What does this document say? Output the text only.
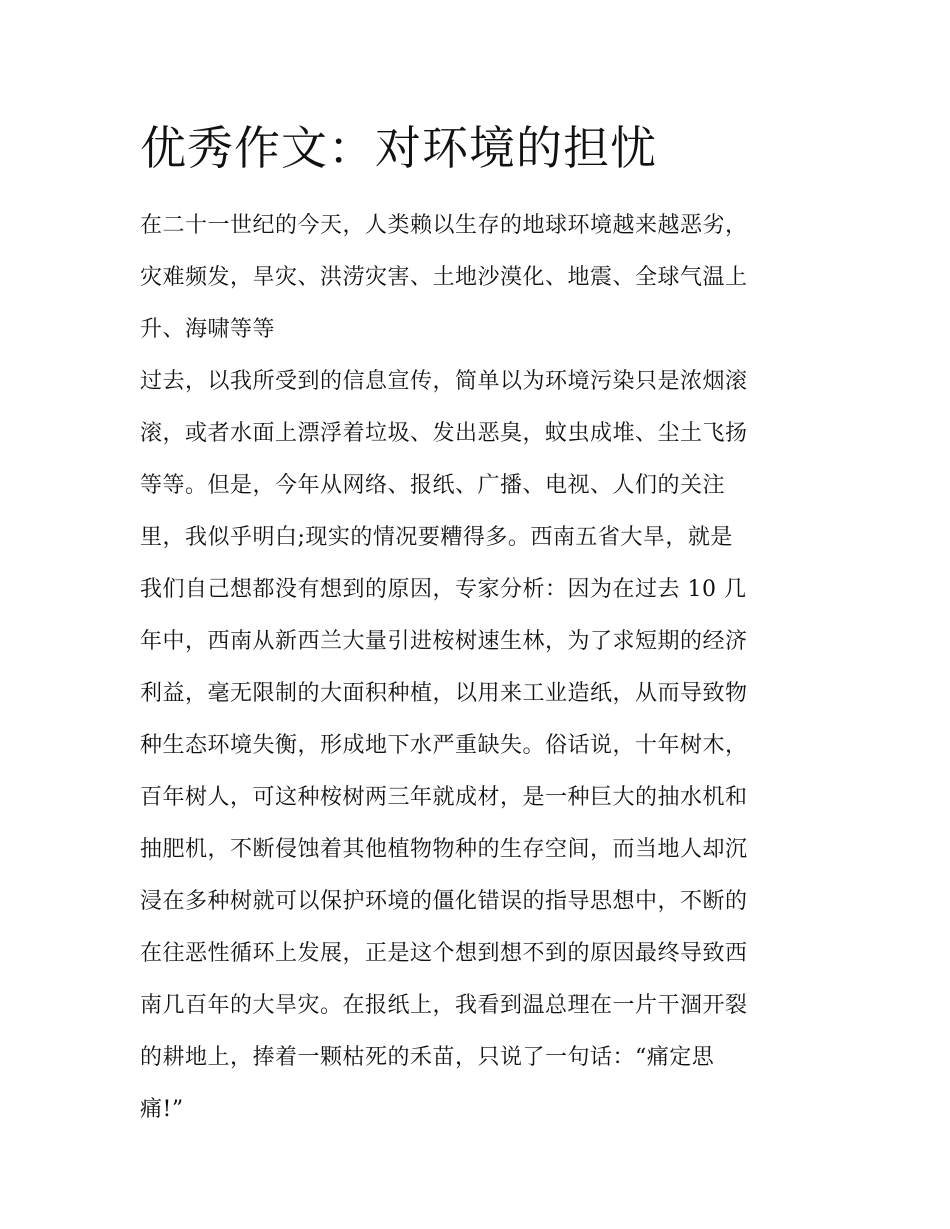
优秀作文：对环境的担忧
在二十一世纪的今天，人类赖以生存的地球环境越来越恶劣，
灾难频发，旱灾、洪涝灾害、土地沙漠化、地震、全球气温上
升、海啸等等
过去，以我所受到的信息宣传，简单以为环境污染只是浓烟滚
滚，或者水面上漂浮着垃圾、发出恶臭，蚊虫成堆、尘土飞扬
等等。但是，今年从网络、报纸、广播、电视、人们的关注
里，我似乎明白;现实的情况要糟得多。西南五省大旱，就是
我们自己想都没有想到的原因，专家分析：因为在过去 10 几
年中，西南从新西兰大量引进桉树速生林，为了求短期的经济
利益，毫无限制的大面积种植，以用来工业造纸，从而导致物
种生态环境失衡，形成地下水严重缺失。俗话说，十年树木，
百年树人，可这种桉树两三年就成材，是一种巨大的抽水机和
抽肥机，不断侵蚀着其他植物物种的生存空间，而当地人却沉
浸在多种树就可以保护环境的僵化错误的指导思想中，不断的
在往恶性循环上发展，正是这个想到想不到的原因最终导致西
南几百年的大旱灾。在报纸上，我看到温总理在一片干涸开裂
的耕地上，捧着一颗枯死的禾苗，只说了一句话：“痛定思
痛!”
